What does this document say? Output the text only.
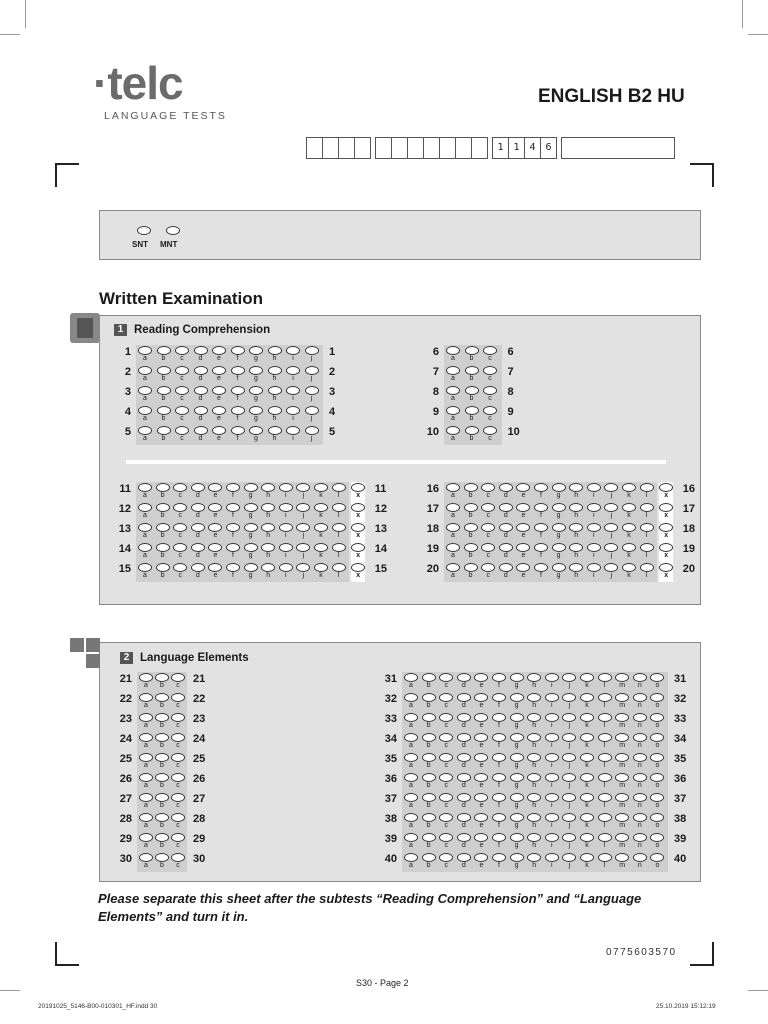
·telc
LANGUAGE TESTS
ENGLISH B2 HU
1 1 4 6
SNT MNT
Written Examination
1 Reading Comprehension
2 Language Elements
Please separate this sheet after the subtests “Reading Comprehension” and “Language Elements” and turn it in.
0775603570
S30 - Page 2
20191025_5146-B00-010301_HF.indd 30	25.10.2019 15:12:19
1
a	b	c	d	e	f	g	h	i	j
1
2
a	b	c	d	e	f	g	h	i	j
2
3
a	b	c	d	e	f	g	h	i	j
3
4
a	b	c	d	e	f	g	h	i	j
4
5
a	b	c	d	e	f	g	h	i	j
5
6
a	b	c
6
7
a	b	c
7
8
a	b	c
8
9
a	b	c
9
10
a	b	c
10
11
a	b	c	d	e	f	g	h	i	j	k	l	x
11
12
a	b	c	d	e	f	g	h	i	j	k	l	x
12
13
a	b	c	d	e	f	g	h	i	j	k	l	x
13
14
a	b	c	d	e	f	g	h	i	j	k	l	x
14
15
a	b	c	d	e	f	g	h	i	j	k	l	x
15
16
a	b	c	d	e	f	g	h	i	j	k	l	x
16
17
a	b	c	d	e	f	g	h	i	j	k	l	x
17
18
a	b	c	d	e	f	g	h	i	j	k	l	x
18
19
a	b	c	d	e	f	g	h	i	j	k	l	x
19
20
a	b	c	d	e	f	g	h	i	j	k	l	x
20
21
a	b	c
21
22
a	b	c
22
23
a	b	c
23
24
a	b	c
24
25
a	b	c
25
26
a	b	c
26
27
a	b	c
27
28
a	b	c
28
29
a	b	c
29
30
a	b	c
30
31
a	b	c	d	e	f	g	h	i	j	k	l	m	n	o
31
32
a	b	c	d	e	f	g	h	i	j	k	l	m	n	o
32
33
a	b	c	d	e	f	g	h	i	j	k	l	m	n	o
33
34
a	b	c	d	e	f	g	h	i	j	k	l	m	n	o
34
35
a	b	c	d	e	f	g	h	i	j	k	l	m	n	o
35
36
a	b	c	d	e	f	g	h	i	j	k	l	m	n	o
36
37
a	b	c	d	e	f	g	h	i	j	k	l	m	n	o
37
38
a	b	c	d	e	f	g	h	i	j	k	l	m	n	o
38
39
a	b	c	d	e	f	g	h	i	j	k	l	m	n	o
39
40
a	b	c	d	e	f	g	h	i	j	k	l	m	n	o
40
